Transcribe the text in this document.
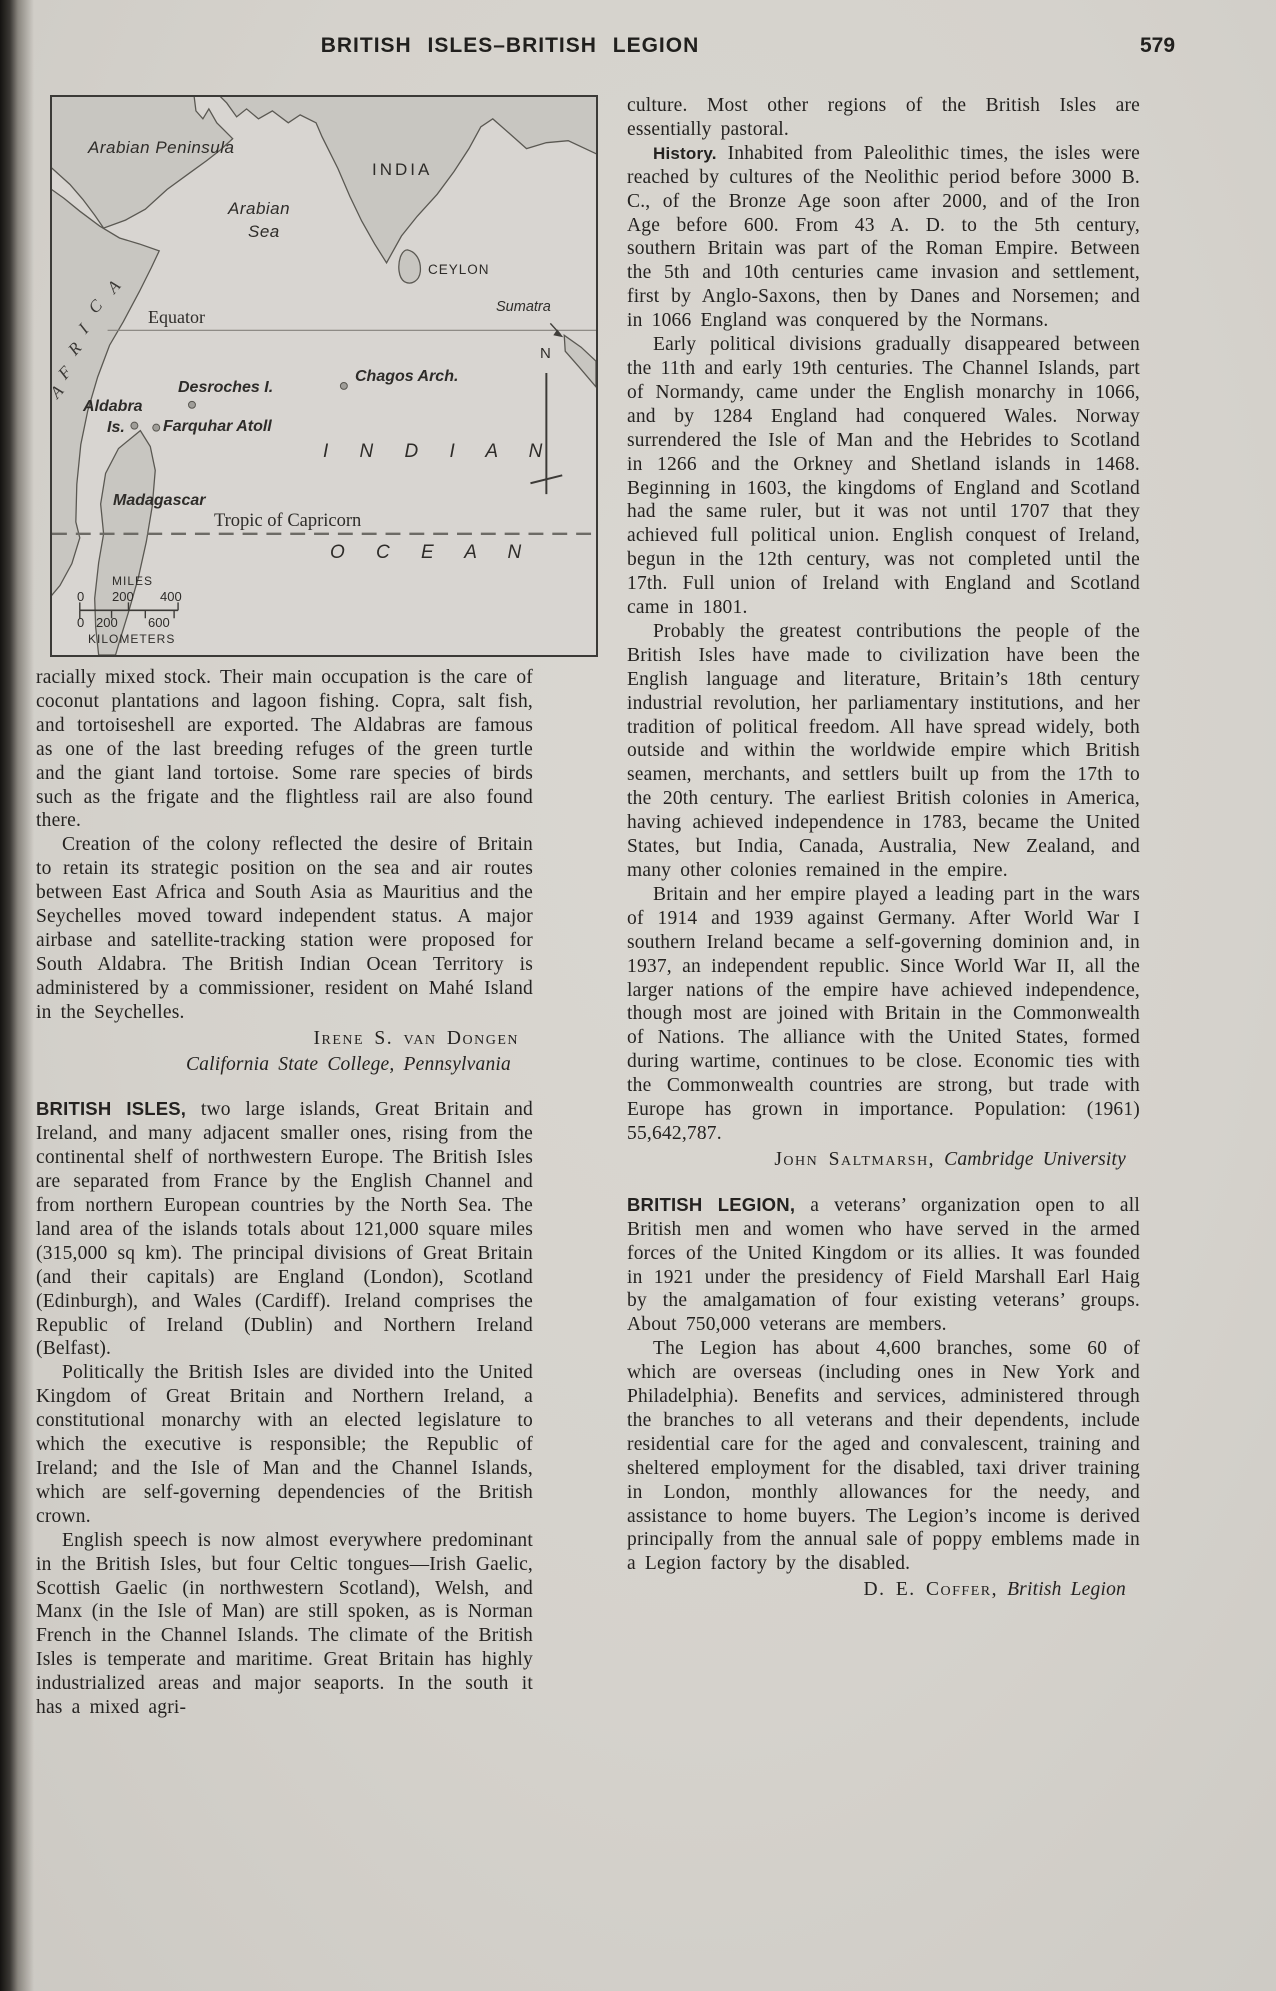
BRITISH ISLES–BRITISH LEGION	579
Arabian Peninsula
INDIA
Arabian
Sea
CEYLON
Equator	Sumatra
Chagos Arch.
Desroches I.
Aldabra
Is. Farquhar Atoll
Madagascar
I N D I A N
Tropic of Capricorn
O C E A N
N
A
C
I
R
F
A
MILES
0 200 400
0 200 600
KILOMETERS

racially mixed stock. Their main occupation is the care of coconut plantations and lagoon fishing. Copra, salt fish, and tortoiseshell are exported. The Aldabras are famous as one of the last breeding refuges of the green turtle and the giant land tortoise. Some rare species of birds such as the frigate and the flightless rail are also found there.

Creation of the colony reflected the desire of Britain to retain its strategic position on the sea and air routes between East Africa and South Asia as Mauritius and the Seychelles moved toward independent status. A major airbase and satellite-tracking station were proposed for South Aldabra. The British Indian Ocean Territory is administered by a commissioner, resident on Mahé Island in the Seychelles.

Irene S. van Dongen
California State College, Pennsylvania

BRITISH ISLES, two large islands, Great Britain and Ireland, and many adjacent smaller ones, rising from the continental shelf of northwestern Europe. The British Isles are separated from France by the English Channel and from northern European countries by the North Sea. The land area of the islands totals about 121,000 square miles (315,000 sq km). The principal divisions of Great Britain (and their capitals) are England (London), Scotland (Edinburgh), and Wales (Cardiff). Ireland comprises the Republic of Ireland (Dublin) and Northern Ireland (Belfast).

Politically the British Isles are divided into the United Kingdom of Great Britain and Northern Ireland, a constitutional monarchy with an elected legislature to which the executive is responsible; the Republic of Ireland; and the Isle of Man and the Channel Islands, which are self-governing dependencies of the British crown.

English speech is now almost everywhere predominant in the British Isles, but four Celtic tongues—Irish Gaelic, Scottish Gaelic (in northwestern Scotland), Welsh, and Manx (in the Isle of Man) are still spoken, as is Norman French in the Channel Islands. The climate of the British Isles is temperate and maritime. Great Britain has highly industrialized areas and major seaports. In the south it has a mixed agri-

culture. Most other regions of the British Isles are essentially pastoral.

History. Inhabited from Paleolithic times, the isles were reached by cultures of the Neolithic period before 3000 B. C., of the Bronze Age soon after 2000, and of the Iron Age before 600. From 43 A. D. to the 5th century, southern Britain was part of the Roman Empire. Between the 5th and 10th centuries came invasion and settlement, first by Anglo-Saxons, then by Danes and Norsemen; and in 1066 England was conquered by the Normans.

Early political divisions gradually disappeared between the 11th and early 19th centuries. The Channel Islands, part of Normandy, came under the English monarchy in 1066, and by 1284 England had conquered Wales. Norway surrendered the Isle of Man and the Hebrides to Scotland in 1266 and the Orkney and Shetland islands in 1468. Beginning in 1603, the kingdoms of England and Scotland had the same ruler, but it was not until 1707 that they achieved full political union. English conquest of Ireland, begun in the 12th century, was not completed until the 17th. Full union of Ireland with England and Scotland came in 1801.

Probably the greatest contributions the people of the British Isles have made to civilization have been the English language and literature, Britain’s 18th century industrial revolution, her parliamentary institutions, and her tradition of political freedom. All have spread widely, both outside and within the worldwide empire which British seamen, merchants, and settlers built up from the 17th to the 20th century. The earliest British colonies in America, having achieved independence in 1783, became the United States, but India, Canada, Australia, New Zealand, and many other colonies remained in the empire.

Britain and her empire played a leading part in the wars of 1914 and 1939 against Germany. After World War I southern Ireland became a self-governing dominion and, in 1937, an independent republic. Since World War II, all the larger nations of the empire have achieved independence, though most are joined with Britain in the Commonwealth of Nations. The alliance with the United States, formed during wartime, continues to be close. Economic ties with the Commonwealth countries are strong, but trade with Europe has grown in importance. Population: (1961) 55,642,787.

John Saltmarsh, Cambridge University

BRITISH LEGION, a veterans’ organization open to all British men and women who have served in the armed forces of the United Kingdom or its allies. It was founded in 1921 under the presidency of Field Marshall Earl Haig by the amalgamation of four existing veterans’ groups. About 750,000 veterans are members.

The Legion has about 4,600 branches, some 60 of which are overseas (including ones in New York and Philadelphia). Benefits and services, administered through the branches to all veterans and their dependents, include residential care for the aged and convalescent, training and sheltered employment for the disabled, taxi driver training in London, monthly allowances for the needy, and assistance to home buyers. The Legion’s income is derived principally from the annual sale of poppy emblems made in a Legion factory by the disabled.

D. E. Coffer, British Legion
